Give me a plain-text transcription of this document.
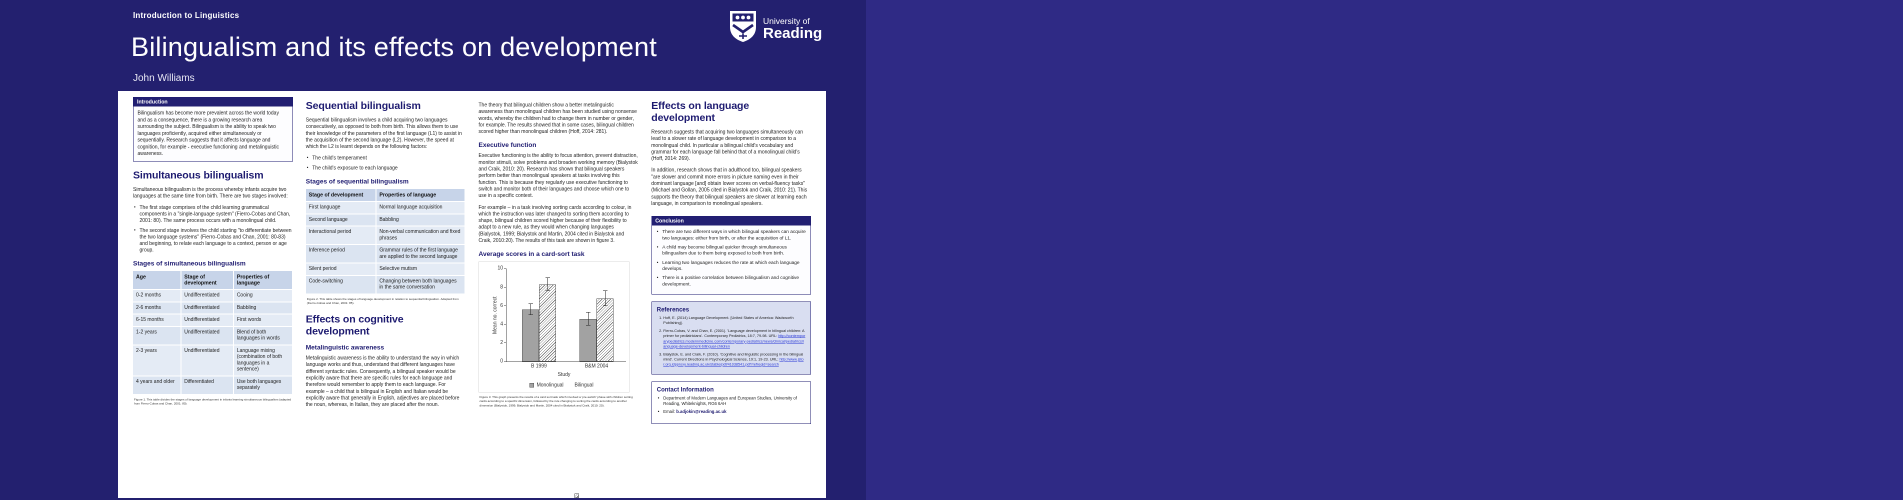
Introduction to Linguistics
Bilingualism and its effects on development
John Williams
University of
Reading
Introduction

Bilingualism has become more prevalent across the world today and as a consequence, there is a growing research area surrounding the subject. Bilingualism is the ability to speak two languages proficiently, acquired either simultaneously or sequentially. Research suggests that it affects language and cognition, for example - executive functioning and metalinguistic awareness.

Simultaneous bilingualism

Simultaneous bilingualism is the process whereby infants acquire two languages at the same time from birth. There are two stages involved:

• The first stage comprises of the child learning grammatical components in a "single-language system" (Fierro-Cobas and Chan, 2001: 80). The same process occurs with a monolingual child.
• The second stage involves the child starting "to differentiate between the two language systems" (Fierro-Cobas and Chan, 2001: 80-83) and beginning, to relate each language to a context, person or age group.
Stages of simultaneous bilingualism
Age	Stage of development	Properties of language
0-2 months	Undifferentiated	Cooing
2-6 months	Undifferentiated	Babbling
6-15 months	Undifferentiated	First words
1-2 years	Undifferentiated	Blend of both languages in words
2-3 years	Undifferentiated	Language mixing (combination of both languages in a sentence)
4 years and older	Differentiated	Use both languages separately

Figure 1. This table divides the stages of language development in infants learning simultaneous bilingualism (adapted from Fierro-Cobas and Chan, 2001: 80).

Sequential bilingualism

Sequential bilingualism involves a child acquiring two languages consecutively, as opposed to both from birth. This allows them to use their knowledge of the parameters of the first language (L1) to assist in the acquisition of the second language (L2). However, the speed at which the L2 is learnt depends on the following factors:

• The child's temperament
• The child's exposure to each language
Stages of sequential bilingualism
Stage of development	Properties of language
First language	Normal language acquisition
Second language	Babbling
Interactional period	Non-verbal communication and fixed phrases
Inference period	Grammar rules of the first language are applied to the second language
Silent period	Selective mutism
Code-switching	Changing between both languages in the same conversation

Figure 2. This table shows the stages of language development in relation to sequential bilingualism. Adapted from (Fierro-Cobas and Chan, 2001: 85).

Effects on cognitive development
Metalinguistic awareness

Metalinguistic awareness is the ability to understand the way in which language works and thus, understand that different languages have different syntactic rules. Consequently, a bilingual speaker would be explicitly aware that there are specific rules for each language and therefore would remember to apply them to each language. For example – a child that is bilingual in English and Italian would be explicitly aware that generally in English, adjectives are placed before the noun, whereas, in Italian, they are placed after the noun.

The theory that bilingual children show a better metalinguistic awareness than monolingual children has been studied using nonsense words, whereby the children had to change them in number or gender, for example. The results showed that in some cases, bilingual children scored higher than monolingual children (Hoff, 2014: 281).

Executive function

Executive functioning is the ability to focus attention, prevent distraction, monitor stimuli, solve problems and broaden working memory (Bialystok and Craik, 2010: 20). Research has shown that bilingual speakers perform better than monolingual speakers at tasks involving this function. This is because they regularly use executive functioning to switch and monitor both of their languages and choose which one to use in a specific context.

For example – in a task involving sorting cards according to colour, in which the instruction was later changed to sorting them according to shape, bilingual children scored higher because of their flexibility to adapt to a new rule, as they would when changing languages (Bialystok, 1999; Bialystok and Martin, 2004 cited in Bialystok and Craik, 2010:20). The results of this task are shown in figure 3.

Average scores in a card-sort task
Mean no. correct
0
2
4
6
8
10
B 1999	B&M 2004
Study
Monolingual Bilingual

Figure 3. This graph presents the results of a card sort task which involved a 'pre-switch' phase with children sorting cards according to a specific dimension, followed by the rule changing to sorting the cards according to another dimension (Bialystok, 1999; Bialystok and Martin, 2004 cited in Bialystok and Craik, 2010: 20).

Effects on language development

Research suggests that acquiring two languages simultaneously can lead to a slower rate of language development in comparison to a monolingual child. In particular a bilingual child's vocabulary and grammar for each language fall behind that of a monolingual child's (Hoff, 2014: 269).

In addition, research shows that in adulthood too, bilingual speakers "are slower and commit more errors in picture naming even in their dominant language [and] obtain lower scores on verbal-fluency tasks" (Michael and Gollan, 2005 cited in Bialystok and Craik, 2010: 21). This supports the theory that bilingual speakers are slower at learning each language, in comparison to monolingual speakers.

Conclusion
• There are two different ways in which bilingual speakers can acquire two languages: either from birth, or after the acquisition of L1.
• A child may become bilingual quicker through simultaneous bilingualism due to them being exposed to both from birth.
• Learning two languages reduces the rate at which each language develops.
• There is a positive correlation between bilingualism and cognitive development.
References
1. Hoff, E. (2014) Language Development. [United States of America: Wadsworth Publishing].
2. Fierro-Cobas, V. and Chan, E. (2001). 'Language development in bilingual children: A primer for pediatricians'. Contemporary Pediatrics, 18:7, 79-98. URL: http://contemporarypediatrics.modernmedicine.com/contemporary-pediatrics/news/clinical/pediatrics/language-development-bilingual-children
3. Bialystok, E. and Craik, F. (2010). 'Cognitive and linguistic processing in the bilingual mind'. Current Directions in Psychological Science, 19:1, 19-23. URL: http://www.jstor.org.idpproxy.reading.ac.uk/stable/pdf/41038541.pdf?refreqid=search
Contact Information
• Department of Modern Languages and European Studies, University of Reading, Whiteknights, RG6 6AH
• Email: b.adjokin@reading.ac.uk
